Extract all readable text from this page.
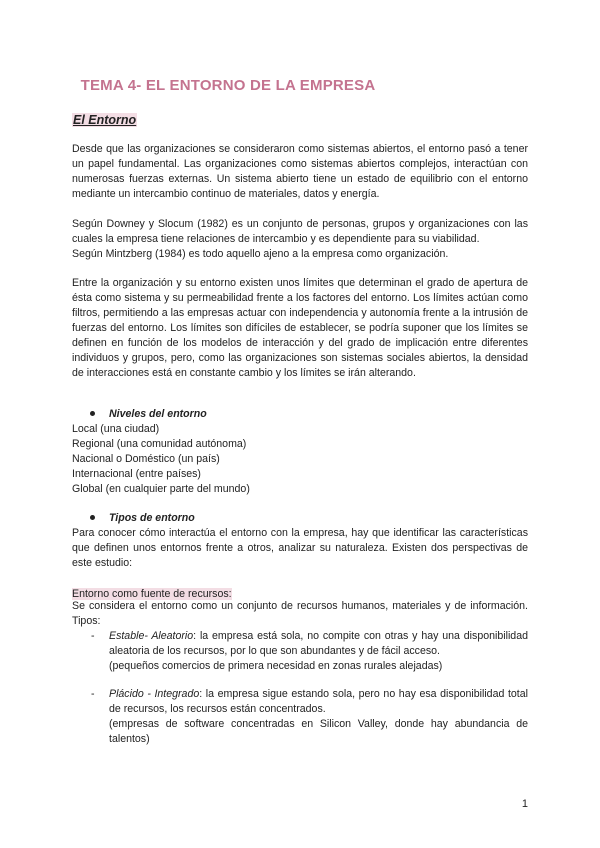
TEMA 4- EL ENTORNO DE LA EMPRESA
El Entorno

Desde que las organizaciones se consideraron como sistemas abiertos, el entorno pasó a tener un papel fundamental. Las organizaciones como sistemas abiertos complejos, interactúan con numerosas fuerzas externas. Un sistema abierto tiene un estado de equilibrio con el entorno mediante un intercambio continuo de materiales, datos y energía.

Según Downey y Slocum (1982) es un conjunto de personas, grupos y organizaciones con las cuales la empresa tiene relaciones de intercambio y es dependiente para su viabilidad.

Según Mintzberg (1984) es todo aquello ajeno a la empresa como organización.

Entre la organización y su entorno existen unos límites que determinan el grado de apertura de ésta como sistema y su permeabilidad frente a los factores del entorno. Los límites actúan como filtros, permitiendo a las empresas actuar con independencia y autonomía frente a la intrusión de fuerzas del entorno. Los límites son difíciles de establecer, se podría suponer que los límites se definen en función de los modelos de interacción y del grado de implicación entre diferentes individuos y grupos, pero, como las organizaciones son sistemas sociales abiertos, la densidad de interacciones está en constante cambio y los límites se irán alterando.

Niveles del entorno
Local (una ciudad)
Regional (una comunidad autónoma)
Nacional o Doméstico (un país)
Internacional (entre países)
Global (en cualquier parte del mundo)
Tipos de entorno

Para conocer cómo interactúa el entorno con la empresa, hay que identificar las características que definen unos entornos frente a otros, analizar su naturaleza. Existen dos perspectivas de este estudio:

Entorno como fuente de recursos:

Se considera el entorno como un conjunto de recursos humanos, materiales y de información. Tipos:

- Estable- Aleatorio: la empresa está sola, no compite con otras y hay una disponibilidad aleatoria de los recursos, por lo que son abundantes y de fácil acceso.
(pequeños comercios de primera necesidad en zonas rurales alejadas)
- Plácido - Integrado: la empresa sigue estando sola, pero no hay esa disponibilidad total de recursos, los recursos están concentrados.
(empresas de software concentradas en Silicon Valley, donde hay abundancia de talentos)
1
